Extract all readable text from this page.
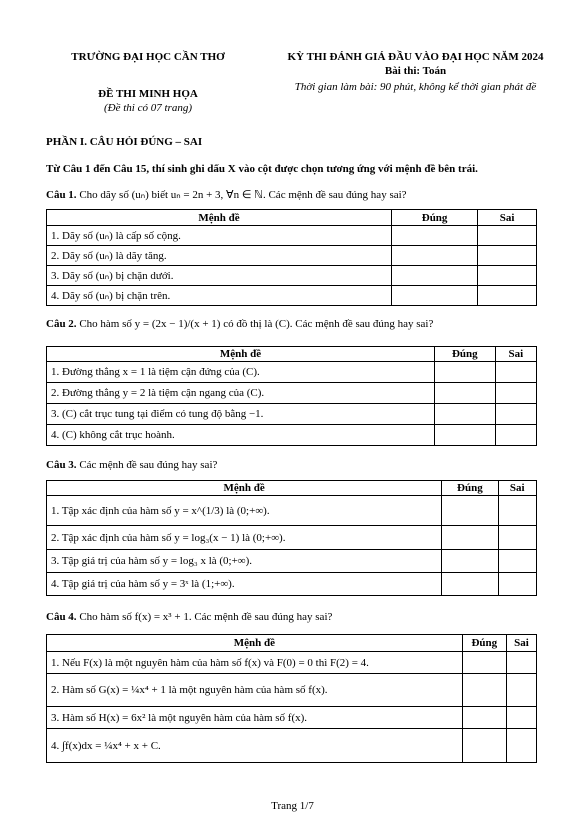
TRƯỜNG ĐẠI HỌC CẦN THƠ
ĐỀ THI MINH HỌA
(Đề thi có 07 trang)
KỲ THI ĐÁNH GIÁ ĐẦU VÀO ĐẠI HỌC NĂM 2024
Bài thi: Toán
Thời gian làm bài: 90 phút, không kể thời gian phát đề
PHẦN I. CÂU HỎI ĐÚNG – SAI
Từ Câu 1 đến Câu 15, thí sinh ghi dấu X vào cột được chọn tương ứng với mệnh đề bên trái.
Câu 1. Cho dãy số (uₙ) biết uₙ = 2n + 3, ∀n ∈ ℕ. Các mệnh đề sau đúng hay sai?
Mệnh đề	Đúng	Sai
1. Dãy số (uₙ) là cấp số cộng.		
2. Dãy số (uₙ) là dãy tăng.		
3. Dãy số (uₙ) bị chặn dưới.		
4. Dãy số (uₙ) bị chặn trên.		
Câu 2. Cho hàm số y = (2x − 1)/(x + 1) có đồ thị là (C). Các mệnh đề sau đúng hay sai?
Mệnh đề	Đúng	Sai
1. Đường thẳng x = 1 là tiệm cận đứng của (C).		
2. Đường thẳng y = 2 là tiệm cận ngang của (C).		
3. (C) cắt trục tung tại điểm có tung độ bằng −1.		
4. (C) không cắt trục hoành.		
Câu 3. Các mệnh đề sau đúng hay sai?
Mệnh đề	Đúng	Sai
1. Tập xác định của hàm số y = x^(1/3) là (0;+∞).		
2. Tập xác định của hàm số y = log₃(x − 1) là (0;+∞).		
3. Tập giá trị của hàm số y = log₃ x là (0;+∞).		
4. Tập giá trị của hàm số y = 3ˣ là (1;+∞).		
Câu 4. Cho hàm số f(x) = x³ + 1. Các mệnh đề sau đúng hay sai?
Mệnh đề	Đúng	Sai
1. Nếu F(x) là một nguyên hàm của hàm số f(x) và F(0) = 0 thì F(2) = 4.		
2. Hàm số G(x) = ¼x⁴ + 1 là một nguyên hàm của hàm số f(x).		
3. Hàm số H(x) = 6x² là một nguyên hàm của hàm số f(x).		
4. ∫f(x)dx = ¼x⁴ + x + C.		
Trang 1/7
